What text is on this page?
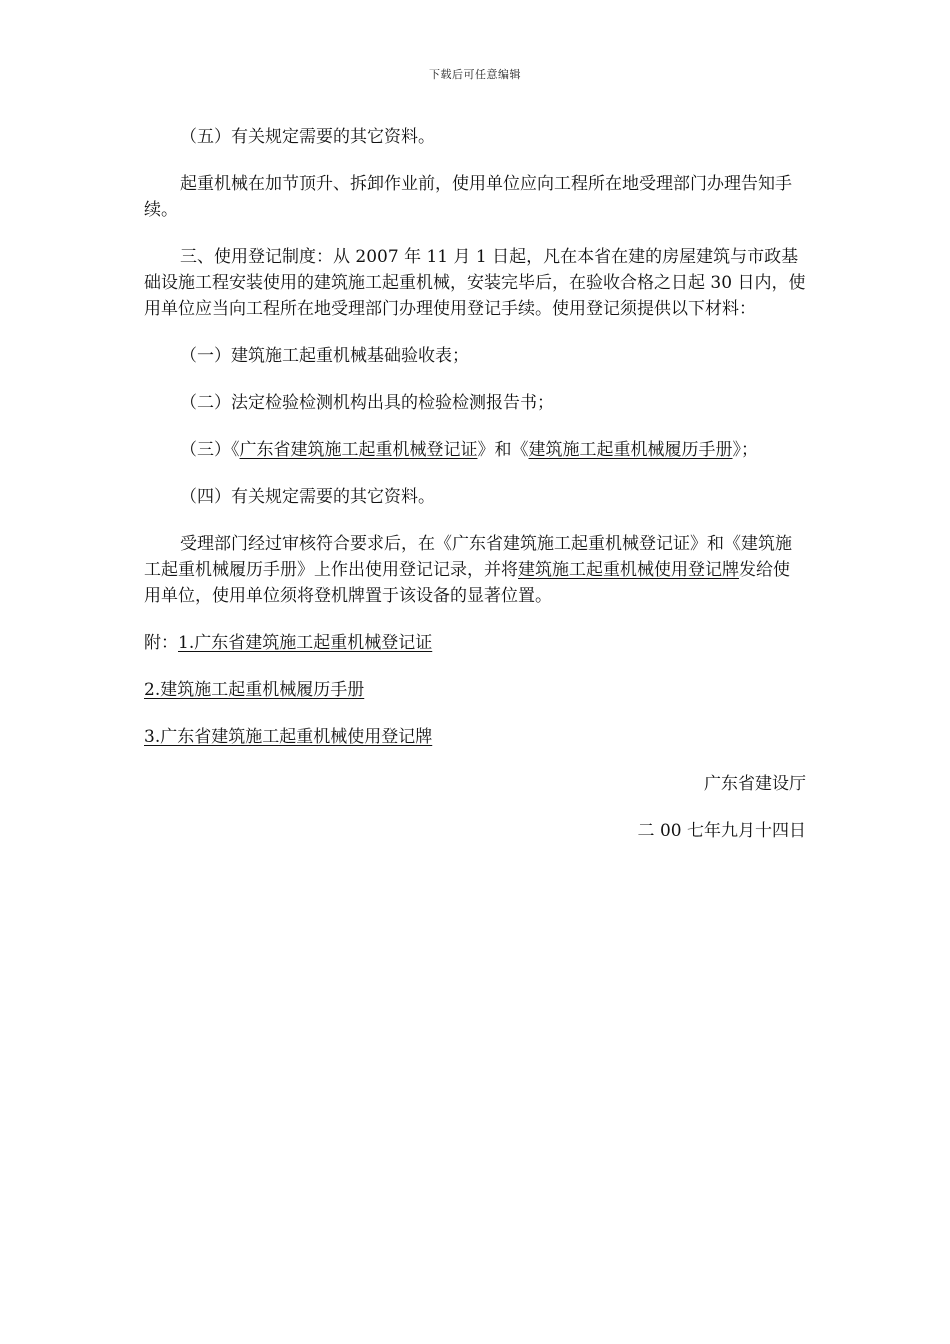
下载后可任意编辑

（五）有关规定需要的其它资料。

起重机械在加节顶升、拆卸作业前，使用单位应向工程所在地受理部门办理告知手续。

三、使用登记制度：从 2007 年 11 月 1 日起，凡在本省在建的房屋建筑与市政基础设施工程安装使用的建筑施工起重机械，安装完毕后，在验收合格之日起 30 日内，使用单位应当向工程所在地受理部门办理使用登记手续。使用登记须提供以下材料：

（一）建筑施工起重机械基础验收表；

（二）法定检验检测机构出具的检验检测报告书；

（三）《广东省建筑施工起重机械登记证》和《建筑施工起重机械履历手册》；

（四）有关规定需要的其它资料。

受理部门经过审核符合要求后，在《广东省建筑施工起重机械登记证》和《建筑施工起重机械履历手册》上作出使用登记记录，并将建筑施工起重机械使用登记牌发给使用单位，使用单位须将登机牌置于该设备的显著位置。

附：1.广东省建筑施工起重机械登记证

2.建筑施工起重机械履历手册

3.广东省建筑施工起重机械使用登记牌

广东省建设厅

二 00 七年九月十四日
